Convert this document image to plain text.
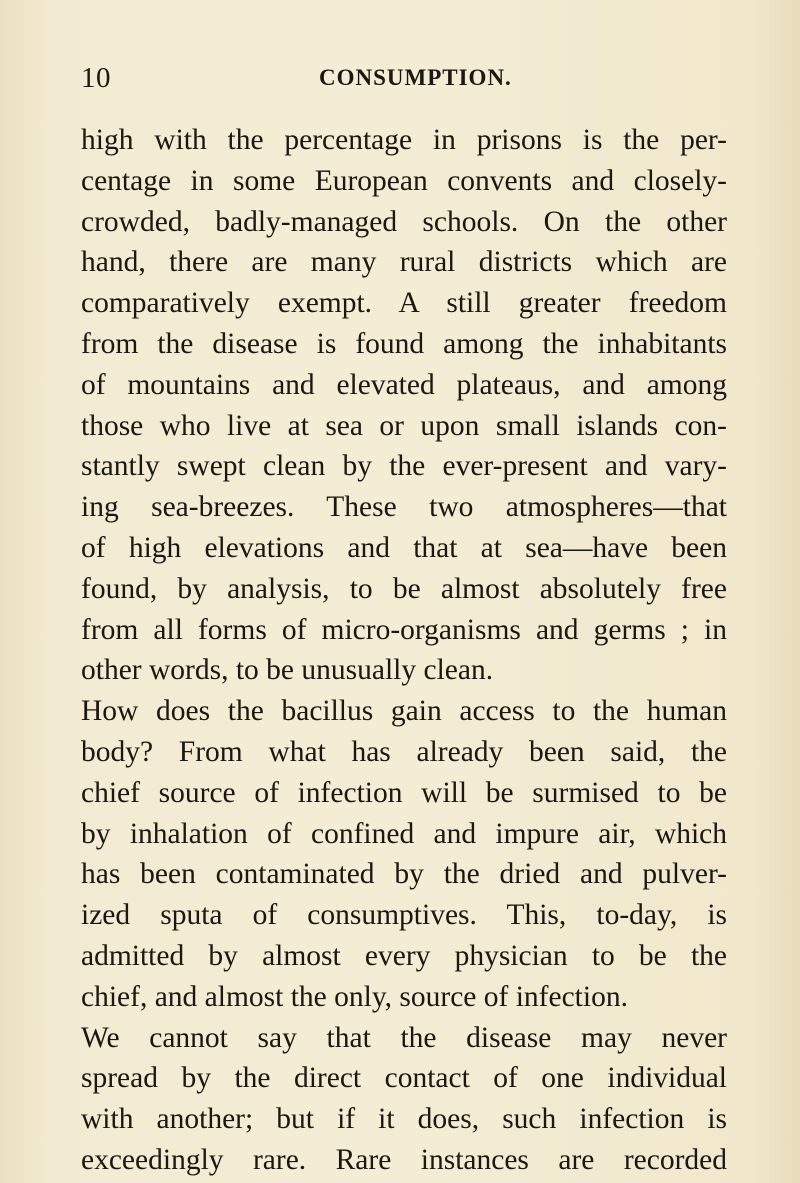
10	CONSUMPTION.
high with the percentage in prisons is the per-
centage in some European convents and closely-
crowded, badly-managed schools. On the other
hand, there are many rural districts which are
comparatively exempt. A still greater freedom
from the disease is found among the inhabitants
of mountains and elevated plateaus, and among
those who live at sea or upon small islands con-
stantly swept clean by the ever-present and vary-
ing sea-breezes. These two atmospheres—that
of high elevations and that at sea—have been
found, by analysis, to be almost absolutely free
from all forms of micro-organisms and germs ; in
other words, to be unusually clean.
How does the bacillus gain access to the human
body? From what has already been said, the
chief source of infection will be surmised to be
by inhalation of confined and impure air, which
has been contaminated by the dried and pulver-
ized sputa of consumptives. This, to-day, is
admitted by almost every physician to be the
chief, and almost the only, source of infection.
We cannot say that the disease may never
spread by the direct contact of one individual
with another; but if it does, such infection is
exceedingly rare. Rare instances are recorded
